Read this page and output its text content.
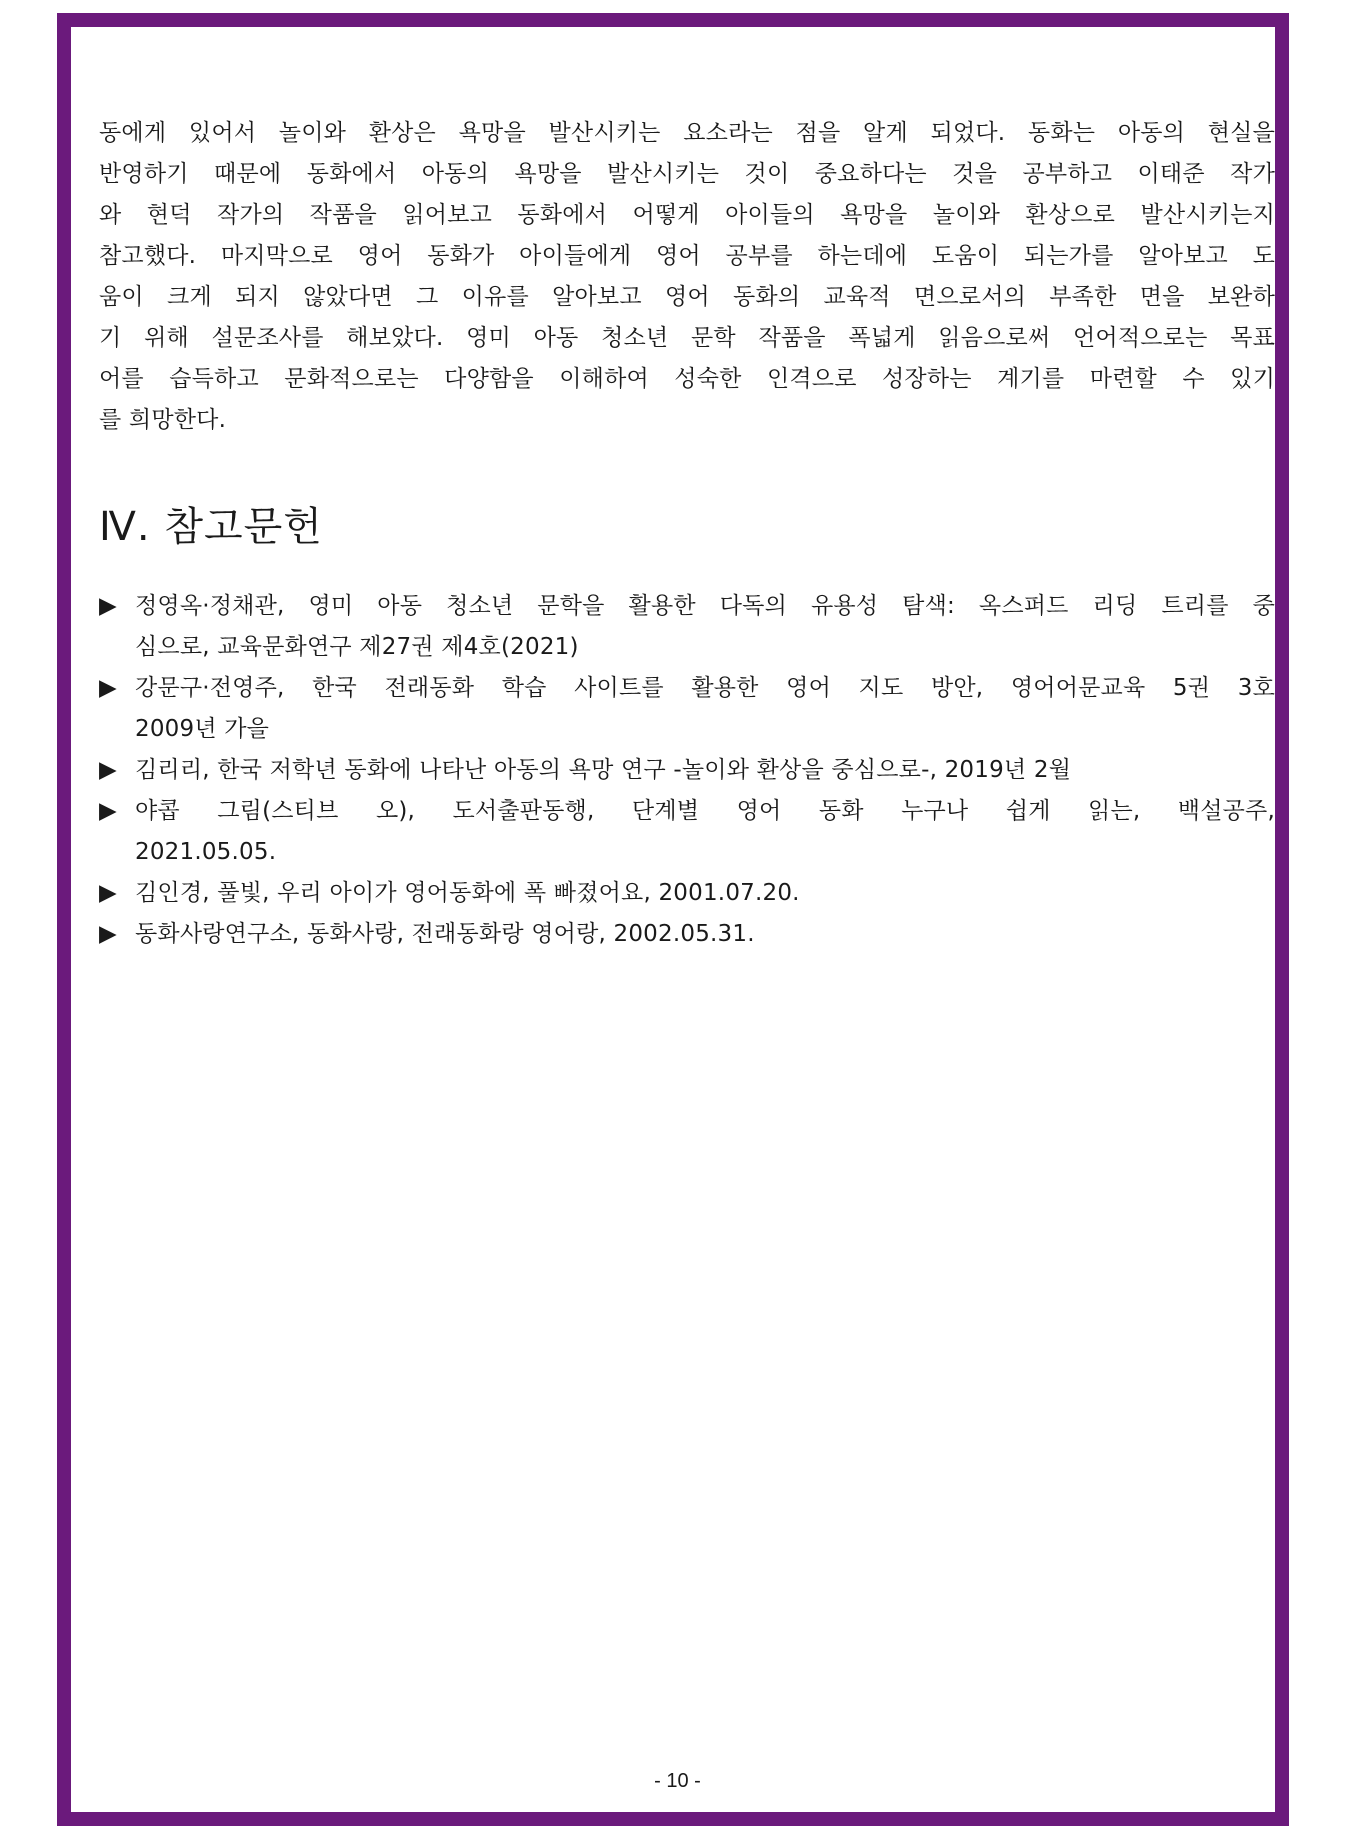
동에게 있어서 놀이와 환상은 욕망을 발산시키는 요소라는 점을 알게 되었다. 동화는 아동의 현실을
반영하기 때문에 동화에서 아동의 욕망을 발산시키는 것이 중요하다는 것을 공부하고 이태준 작가
와 현덕 작가의 작품을 읽어보고 동화에서 어떻게 아이들의 욕망을 놀이와 환상으로 발산시키는지
참고했다. 마지막으로 영어 동화가 아이들에게 영어 공부를 하는데에 도움이 되는가를 알아보고 도
움이 크게 되지 않았다면 그 이유를 알아보고 영어 동화의 교육적 면으로서의 부족한 면을 보완하
기 위해 설문조사를 해보았다. 영미 아동 청소년 문학 작품을 폭넓게 읽음으로써 언어적으로는 목표
어를 습득하고 문화적으로는 다양함을 이해하여 성숙한 인격으로 성장하는 계기를 마련할 수 있기
를 희망한다.
Ⅳ. 참고문헌
▶ 정영옥·정채관, 영미 아동 청소년 문학을 활용한 다독의 유용성 탐색: 옥스퍼드 리딩 트리를 중
심으로, 교육문화연구 제27권 제4호(2021)
▶ 강문구·전영주, 한국 전래동화 학습 사이트를 활용한 영어 지도 방안, 영어어문교육 5권 3호
2009년 가을
▶ 김리리, 한국 저학년 동화에 나타난 아동의 욕망 연구 -놀이와 환상을 중심으로-, 2019년 2월
▶ 야콥 그림(스티브 오), 도서출판동행, 단계별 영어 동화 누구나 쉽게 읽는, 백설공주,
2021.05.05.
▶ 김인경, 풀빛, 우리 아이가 영어동화에 폭 빠졌어요, 2001.07.20.
▶ 동화사랑연구소, 동화사랑, 전래동화랑 영어랑, 2002.05.31.
- 10 -
